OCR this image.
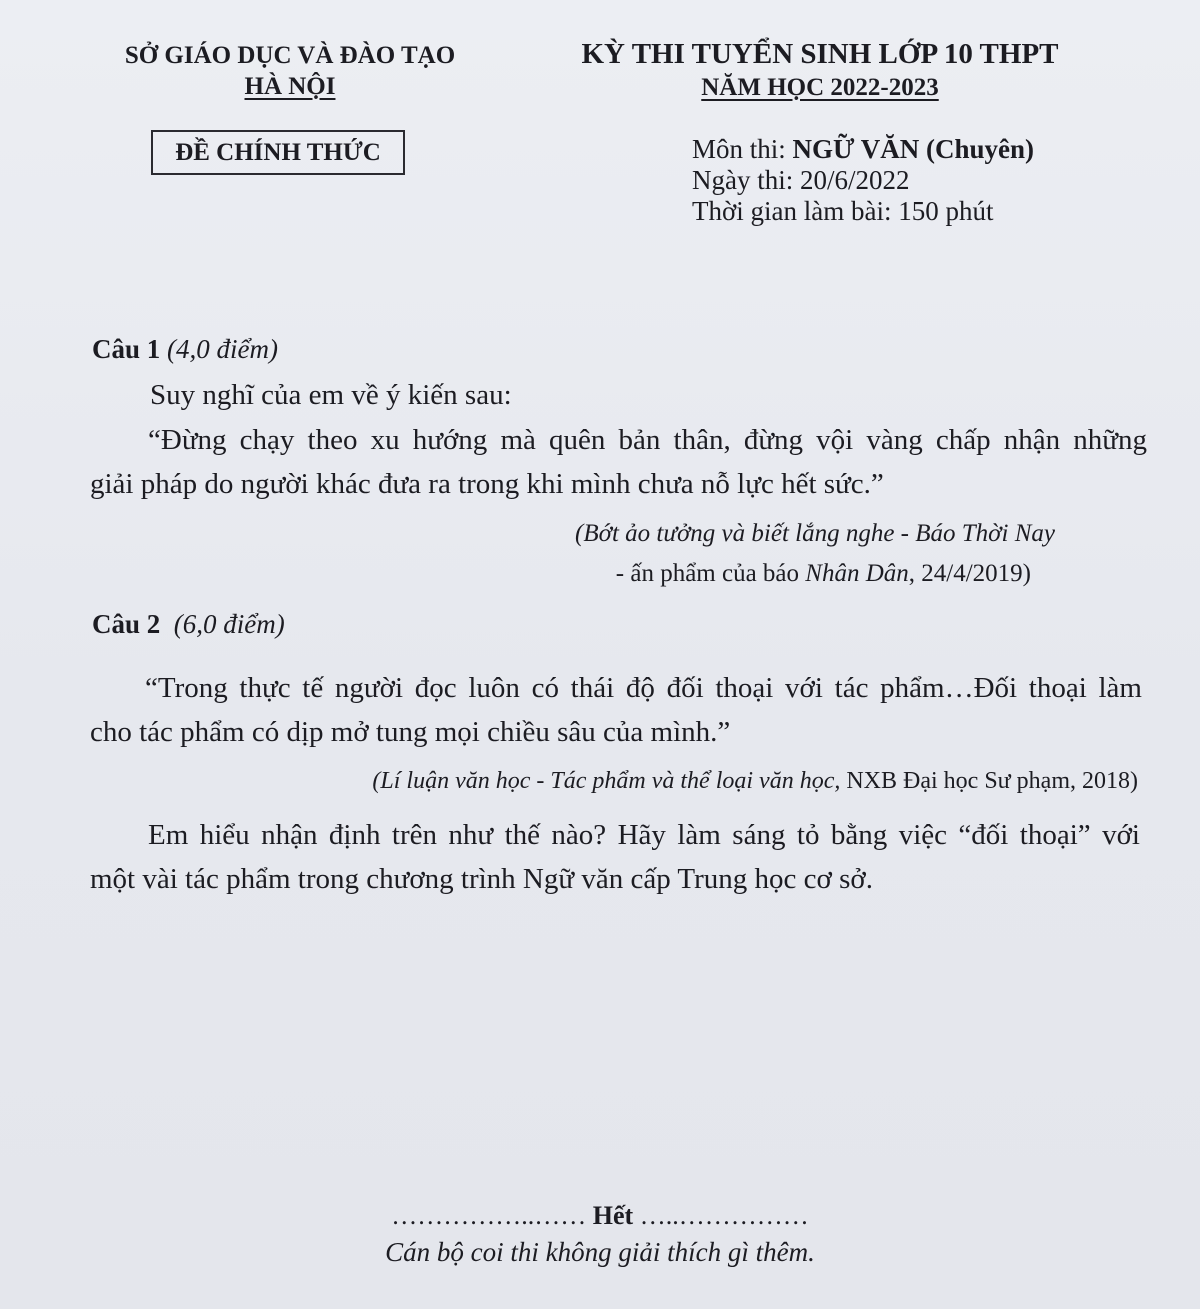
SỞ GIÁO DỤC VÀ ĐÀO TẠO
HÀ NỘI
ĐỀ CHÍNH THỨC
KỲ THI TUYỂN SINH LỚP 10 THPT
NĂM HỌC 2022-2023
Môn thi: NGỮ VĂN (Chuyên)
Ngày thi: 20/6/2022
Thời gian làm bài: 150 phút
Câu 1 (4,0 điểm)
Suy nghĩ của em về ý kiến sau:
“Đừng chạy theo xu hướng mà quên bản thân, đừng vội vàng chấp nhận những
giải pháp do người khác đưa ra trong khi mình chưa nỗ lực hết sức.”
(Bớt ảo tưởng và biết lắng nghe - Báo Thời Nay
- ấn phẩm của báo Nhân Dân, 24/4/2019)
Câu 2 (6,0 điểm)
“Trong thực tế người đọc luôn có thái độ đối thoại với tác phẩm…Đối thoại làm
cho tác phẩm có dịp mở tung mọi chiều sâu của mình.”
(Lí luận văn học - Tác phẩm và thể loại văn học, NXB Đại học Sư phạm, 2018)
Em hiểu nhận định trên như thế nào? Hãy làm sáng tỏ bằng việc “đối thoại” với
một vài tác phẩm trong chương trình Ngữ văn cấp Trung học cơ sở.
……………..…… Hết …..……………
Cán bộ coi thi không giải thích gì thêm.
